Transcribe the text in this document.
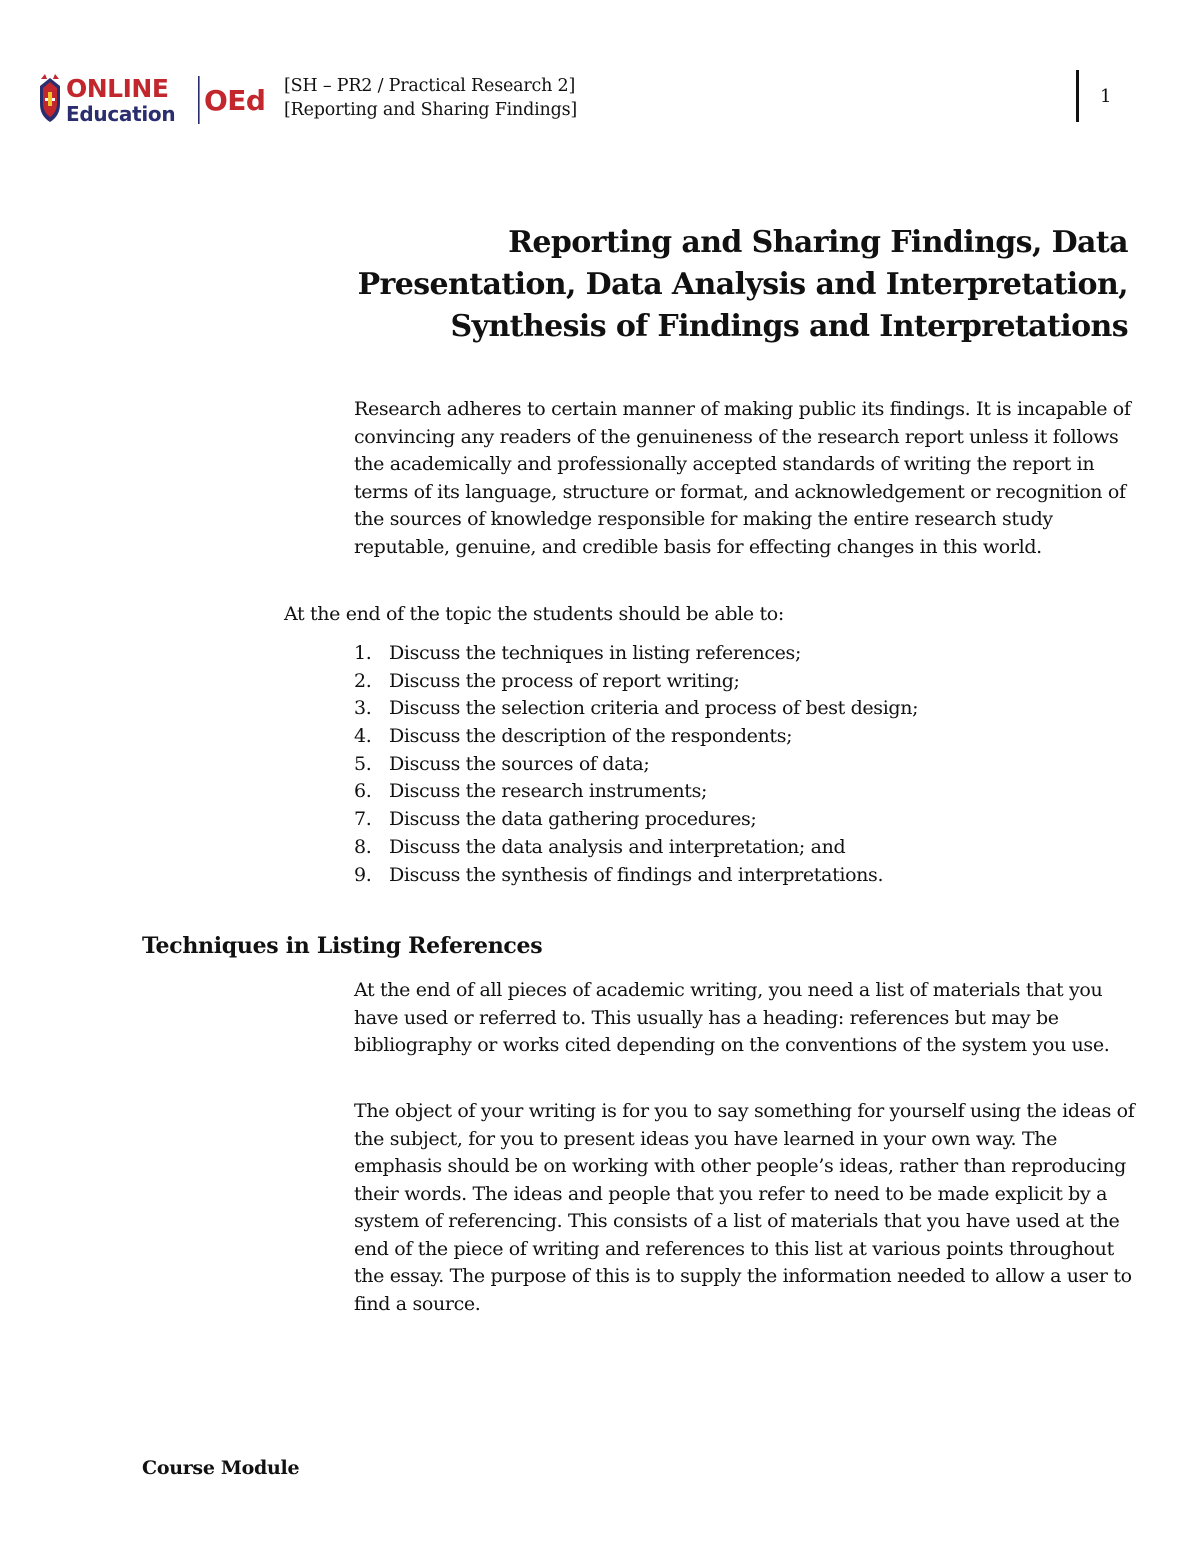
ONLINE
Education OEd [SH – PR2 / Practical Research 2]
[Reporting and Sharing Findings]
1
Reporting and Sharing Findings, Data
Presentation, Data Analysis and Interpretation,
Synthesis of Findings and Interpretations
Research adheres to certain manner of making public its findings. It is incapable of convincing any readers of the genuineness of the research report unless it follows the academically and professionally accepted standards of writing the report in terms of its language, structure or format, and acknowledgement or recognition of the sources of knowledge responsible for making the entire research study reputable, genuine, and credible basis for effecting changes in this world.
At the end of the topic the students should be able to:
1. Discuss the techniques in listing references;
2. Discuss the process of report writing;
3. Discuss the selection criteria and process of best design;
4. Discuss the description of the respondents;
5. Discuss the sources of data;
6. Discuss the research instruments;
7. Discuss the data gathering procedures;
8. Discuss the data analysis and interpretation; and
9. Discuss the synthesis of findings and interpretations.
Techniques in Listing References
At the end of all pieces of academic writing, you need a list of materials that you have used or referred to. This usually has a heading: references but may be bibliography or works cited depending on the conventions of the system you use.
The object of your writing is for you to say something for yourself using the ideas of the subject, for you to present ideas you have learned in your own way. The emphasis should be on working with other people’s ideas, rather than reproducing their words. The ideas and people that you refer to need to be made explicit by a system of referencing. This consists of a list of materials that you have used at the end of the piece of writing and references to this list at various points throughout the essay. The purpose of this is to supply the information needed to allow a user to find a source.
Course Module
